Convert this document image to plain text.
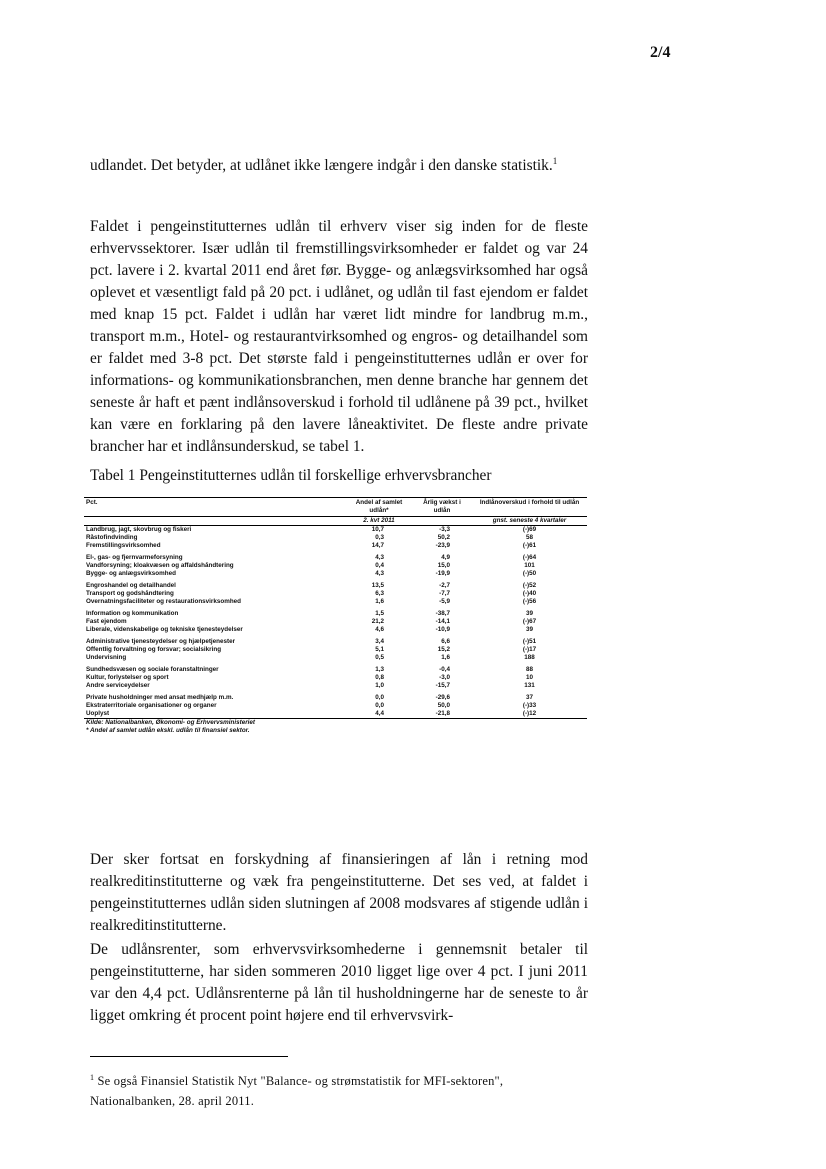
2/4

udlandet. Det betyder, at udlånet ikke længere indgår i den danske statistik.$^1$

Faldet i pengeinstitutternes udlån til erhverv viser sig inden for de fleste erhvervssektorer. Især udlån til fremstillingsvirksomheder er faldet og var 24 pct. lavere i 2. kvartal 2011 end året før. Bygge- og anlægsvirksomhed har også oplevet et væsentligt fald på 20 pct. i udlånet, og udlån til fast ejendom er faldet med knap 15 pct. Faldet i udlån har været lidt mindre for landbrug m.m., transport m.m., Hotel- og restaurantvirksomhed og engros- og detailhandel som er faldet med 3-8 pct. Det største fald i pengeinstitutternes udlån er over for informations- og kommunikationsbranchen, men denne branche har gennem det seneste år haft et pænt indlånsoverskud i forhold til udlånene på 39 pct., hvilket kan være en forklaring på den lavere låneaktivitet. De fleste andre private brancher har et indlånsunderskud, se tabel 1.

Tabel 1 Pengeinstitutternes udlån til forskellige erhvervsbrancher
Pct.	Andel af samlet udlån*	Årlig vækst i udlån	Indlånoverskud i forhold til udlån
	2. kvt 2011		gnst. seneste 4 kvartaler
Landbrug, jagt, skovbrug og fiskeri	10,7	-3,3	(-)69
Råstofindvinding	0,3	50,2	58
Fremstillingsvirksomhed	14,7	-23,9	(-)61
El-, gas- og fjernvarmeforsyning	4,3	4,9	(-)64
Vandforsyning; kloakvæsen og affaldshåndtering	0,4	15,0	101
Bygge- og anlægsvirksomhed	4,3	-19,9	(-)50
Engroshandel og detailhandel	13,5	-2,7	(-)52
Transport og godshåndtering	6,3	-7,7	(-)40
Overnatningsfaciliteter og restaurationsvirksomhed	1,6	-5,9	(-)56
Information og kommunikation	1,5	-38,7	39
Fast ejendom	21,2	-14,1	(-)67
Liberale, videnskabelige og tekniske tjenesteydelser	4,6	-10,9	39
Administrative tjenesteydelser og hjælpetjenester	3,4	6,6	(-)51
Offentlig forvaltning og forsvar; socialsikring	5,1	15,2	(-)17
Undervisning	0,5	1,6	188
Sundhedsvæsen og sociale foranstaltninger	1,3	-0,4	88
Kultur, forlystelser og sport	0,8	-3,0	10
Andre serviceydelser	1,0	-15,7	131
Private husholdninger med ansat medhjælp m.m.	0,0	-29,6	37
Ekstraterritoriale organisationer og organer	0,0	50,0	(-)33
Uoplyst	4,4	-21,8	(-)12
Kilde: Nationalbanken, Økonomi- og Erhvervsministeriet
* Andel af samlet udlån ekskl. udlån til finansiel sektor.

Der sker fortsat en forskydning af finansieringen af lån i retning mod realkreditinstitutterne og væk fra pengeinstitutterne. Det ses ved, at faldet i pengeinstitutternes udlån siden slutningen af 2008 modsvares af stigende udlån i realkreditinstitutterne.

De udlånsrenter, som erhvervsvirksomhederne i gennemsnit betaler til pengeinstitutterne, har siden sommeren 2010 ligget lige over 4 pct. I juni 2011 var den 4,4 pct. Udlånsrenterne på lån til husholdningerne har de seneste to år ligget omkring ét procent point højere end til erhvervsvirk-

$^1$ Se også Finansiel Statistik Nyt "Balance- og strømstatistik for MFI-sektoren", Nationalbanken, 28. april 2011.
